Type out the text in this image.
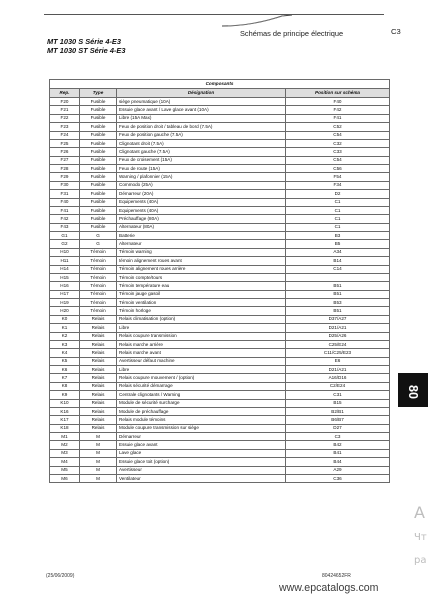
Schémas de principe électrique	C3
MT 1030 S Série 4-E3
MT 1030 ST Série 4-E3
Composants			
Rep.	Type	Désignation	Position sur schéma
F20	Fusible	siège pneumatique (10A)	F40
F21	Fusible	Essuie glace avant / Lave glace avant (10A)	F42
F22	Fusible	Libre (15A Max)	F41
F23	Fusible	Feux de position droit / tableau de bord (7.5A)	C52
F24	Fusible	Feux de position gauche (7.5A)	C54
F25	Fusible	Clignotant droit (7.5A)	C32
F26	Fusible	Clignotant gauche (7.5A)	C33
F27	Fusible	Feux de croisement (15A)	C54
F28	Fusible	Feux de route (15A)	C56
F29	Fusible	Warning / plafonnier (15A)	F54
F30	Fusible	Commodo (25A)	F34
F31	Fusible	Démarreur (20A)	D2
F40	Fusible	Equipements (40A)	C1
F41	Fusible	Equipements (40A)	C1
F42	Fusible	Préchauffage (80A)	C1
F43	Fusible	Alternateur (80A)	C1
G1	G	Batterie	B3
G2	G	Alternateur	B5
H10	Témoin	Témoin warning	A34
H11	Témoin	témoin alignement roues avant	B14
H14	Témoin	Témoin alignement roues arrière	C14
H15	Témoin	Témoin compte/tours	
H16	Témoin	Témoin température eau	B51
H17	Témoin	Témoin jauge gasoil	B51
H19	Témoin	Témoin ventilation	B53
H20	Témoin	Témoin horloge	B51
K0	Relais	Relais climatisation (option)	D37/A27
K1	Relais	Libre	D21/A21
K2	Relais	Relais coupure transmission	D25/A26
K3	Relais	Relais marche arrière	C25/E24
K4	Relais	Relais marche avant	C11/C25/E23
K5	Relais	Avertisseur défaut machine	E6
K6	Relais	Libre	D21/A21
K7	Relais	Relais coupure mouvement / (option)	A16/D16
K8	Relais	Relais sécurité démarrage	C2/E24
K9	Relais	Centrale clignotants / Warning	C31
K10	Relais	Module de sécurité surcharge	B15
K16	Relais	Module de préchauffage	B2/B1
K17	Relais	Relais module témoins	B6/B7
K18	Relais	Module coupure transmission sur siège	D27
M1	M	Démarreur	C3
M2	M	Essuie glace avant	B42
M3	M	Lave glace	B41
M4	M	Essuie glace toit (option)	B44
M5	M	Avertisseur	A29
M6	M	Ventilateur	C36
80
A
Чт
ра
(25/06/2009)	80424652FR
www.epcatalogs.com
